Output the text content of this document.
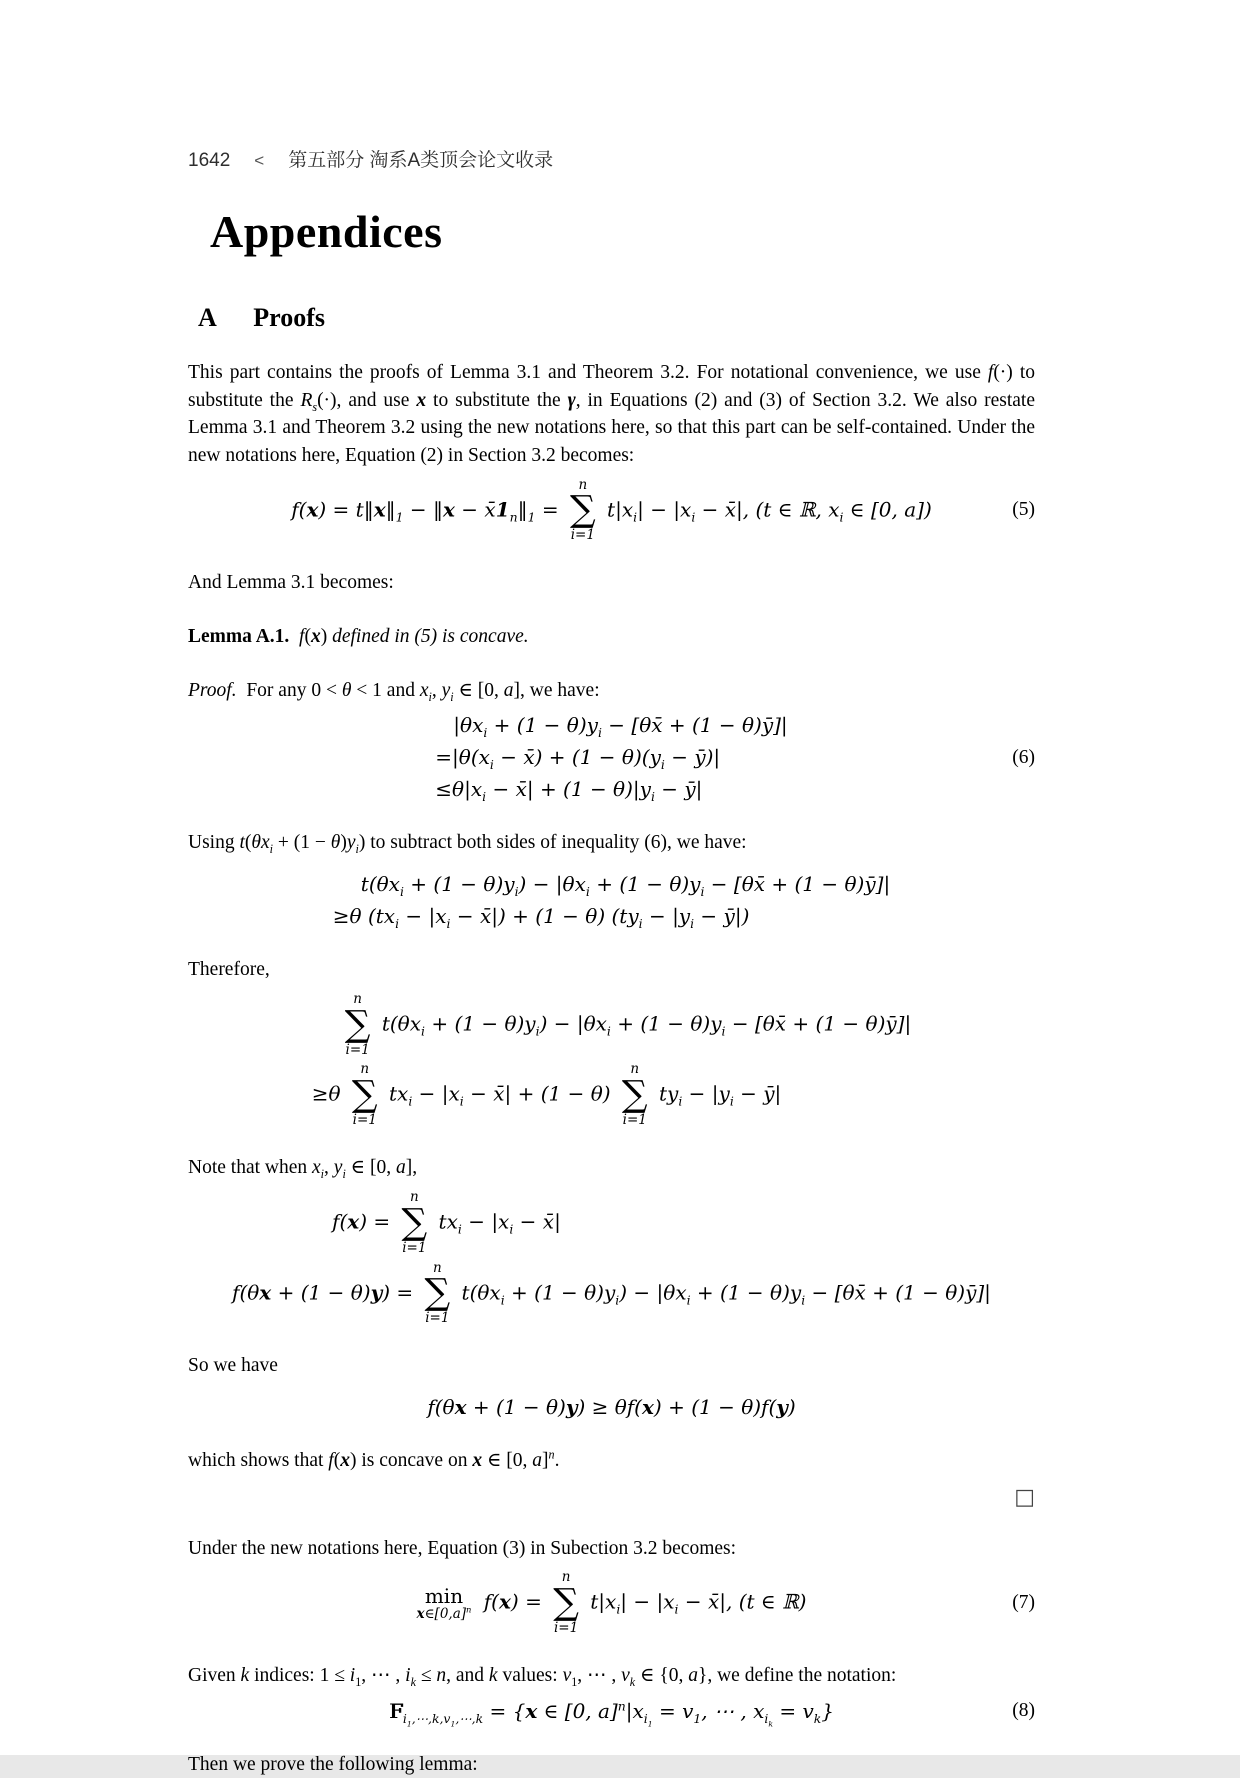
1642 < 第五部分 淘系A类顶会论文收录
Appendices
A Proofs

This part contains the proofs of Lemma 3.1 and Theorem 3.2. For notational convenience, we use f(·) to substitute the $R_s(\cdot)$, and use x to substitute the γ, in Equations (2) and (3) of Section 3.2. We also restate Lemma 3.1 and Theorem 3.2 using the new notations here, so that this part can be self-contained. Under the new notations here, Equation (2) in Section 3.2 becomes:

$f(x) = t‖x‖_1$ − ‖x − $x̄1_n‖_1$ =
n
∑
i=1
$t|x_i| - |x_i$ − x̄|, (t ∈ ℝ, $x_i$ ∈ [0, a])	(5)

And Lemma 3.1 becomes:

Lemma A.1. f(x) defined in (5) is concave.

Proof.  For any 0 < θ < 1 and $x_i$, $y_i$ ∈ [0, a], we have:

$|\theta x_i + (1 - \theta)y_i$ − [θx̄ + (1 − θ)ȳ]|
$=|\theta(x_i$ − x̄) + $(1 - \theta)(y_i$ − ȳ)|
$\le\theta|x_i$ − x̄| + $(1 - \theta)|y_i$ − ȳ|
(6)

Using $t(\theta x_i + (1 - \theta)y_i)$ to subtract both sides of inequality (6), we have:

$t(\theta x_i + (1 - \theta)y_i) - |\theta x_i + (1 - \theta)y_i$ − [θx̄ + (1 − θ)ȳ]|
≥θ ($tx_i - |x_i$ − x̄|) + (1 − θ) ($ty_i - |y_i$ − ȳ|)

Therefore,

n
∑
i=1
$t(\theta x_i + (1 - \theta)y_i) - |\theta x_i + (1 - \theta)y_i$ − [θx̄ + (1 − θ)ȳ]|
≥θ
n
∑
i=1
$tx_i - |x_i$ − x̄| + (1 − θ)
n
∑
i=1
$ty_i - |y_i$ − ȳ|

Note that when $x_i$, $y_i$ ∈ [0, a],

f(x) =
n
∑
i=1
$tx_i - |x_i$ − x̄|
f(θx + (1 − θ)y) =
n
∑
i=1
$t(\theta x_i + (1 - \theta)y_i) - |\theta x_i + (1 - \theta)y_i$ − [θx̄ + (1 − θ)ȳ]|

So we have

f(θx + (1 − θ)y) ≥ θf(x) + (1 − θ)f(y)

which shows that f(x) is concave on x ∈ [0, a]$^n$.

□

Under the new notations here, Equation (3) in Subection 3.2 becomes:

min
$x\in[0,a]^n$ f(x) =
n
∑
i=1
$t|x_i| - |x_i$ − x̄|, (t ∈ ℝ)	(7)

Given k indices: $1 \le i_1$, ⋯ , $i_k \le n$, and k values: $v_1$, ⋯ , $v_k$ ∈ {0, a}, we define the notation:

$F_{i_1,\cdots,k,v_1,\cdots,k} = \{x$ ∈ [0, $a]^n|x_{i_1} = v_1$, ⋯ , $x_{i_k} = v_k$}	(8)

Then we prove the following lemma:
